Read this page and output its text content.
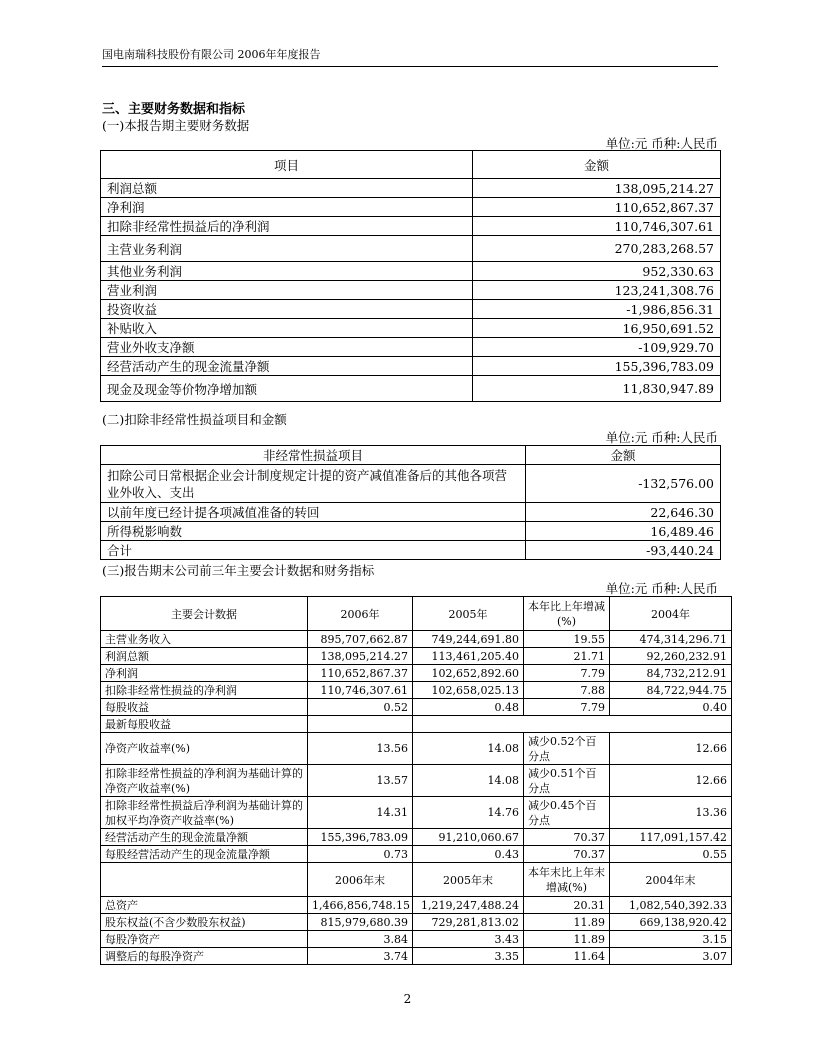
国电南瑞科技股份有限公司 2006年年度报告
三、主要财务数据和指标
(一)本报告期主要财务数据
单位:元 币种:人民币
项目	金额
利润总额	138,095,214.27
净利润	110,652,867.37
扣除非经常性损益后的净利润	110,746,307.61
主营业务利润	270,283,268.57
其他业务利润	952,330.63
营业利润	123,241,308.76
投资收益	-1,986,856.31
补贴收入	16,950,691.52
营业外收支净额	-109,929.70
经营活动产生的现金流量净额	155,396,783.09
现金及现金等价物净增加额	11,830,947.89
(二)扣除非经常性损益项目和金额
单位:元 币种:人民币
非经常性损益项目	金额
扣除公司日常根据企业会计制度规定计提的资产减值准备后的其他各项营业外收入、支出	-132,576.00
以前年度已经计提各项减值准备的转回	22,646.30
所得税影响数	16,489.46
合计	-93,440.24
(三)报告期末公司前三年主要会计数据和财务指标
单位:元 币种:人民币
主要会计数据	2006年	2005年	本年比上年增减(%)	2004年
主营业务收入	895,707,662.87	749,244,691.80	19.55	474,314,296.71
利润总额	138,095,214.27	113,461,205.40	21.71	92,260,232.91
净利润	110,652,867.37	102,652,892.60	7.79	84,732,212.91
扣除非经常性损益的净利润	110,746,307.61	102,658,025.13	7.88	84,722,944.75
每股收益	0.52	0.48	7.79	0.40
最新每股收益				
净资产收益率(%)	13.56	14.08	减少0.52个百分点	12.66
扣除非经常性损益的净利润为基础计算的净资产收益率(%)	13.57	14.08	减少0.51个百分点	12.66
扣除非经常性损益后净利润为基础计算的加权平均净资产收益率(%)	14.31	14.76	减少0.45个百分点	13.36
经营活动产生的现金流量净额	155,396,783.09	91,210,060.67	70.37	117,091,157.42
每股经营活动产生的现金流量净额	0.73	0.43	70.37	0.55
	2006年末	2005年末	本年末比上年末增减(%)	2004年末
总资产	1,466,856,748.15	1,219,247,488.24	20.31	1,082,540,392.33
股东权益(不含少数股东权益)	815,979,680.39	729,281,813.02	11.89	669,138,920.42
每股净资产	3.84	3.43	11.89	3.15
调整后的每股净资产	3.74	3.35	11.64	3.07
2
